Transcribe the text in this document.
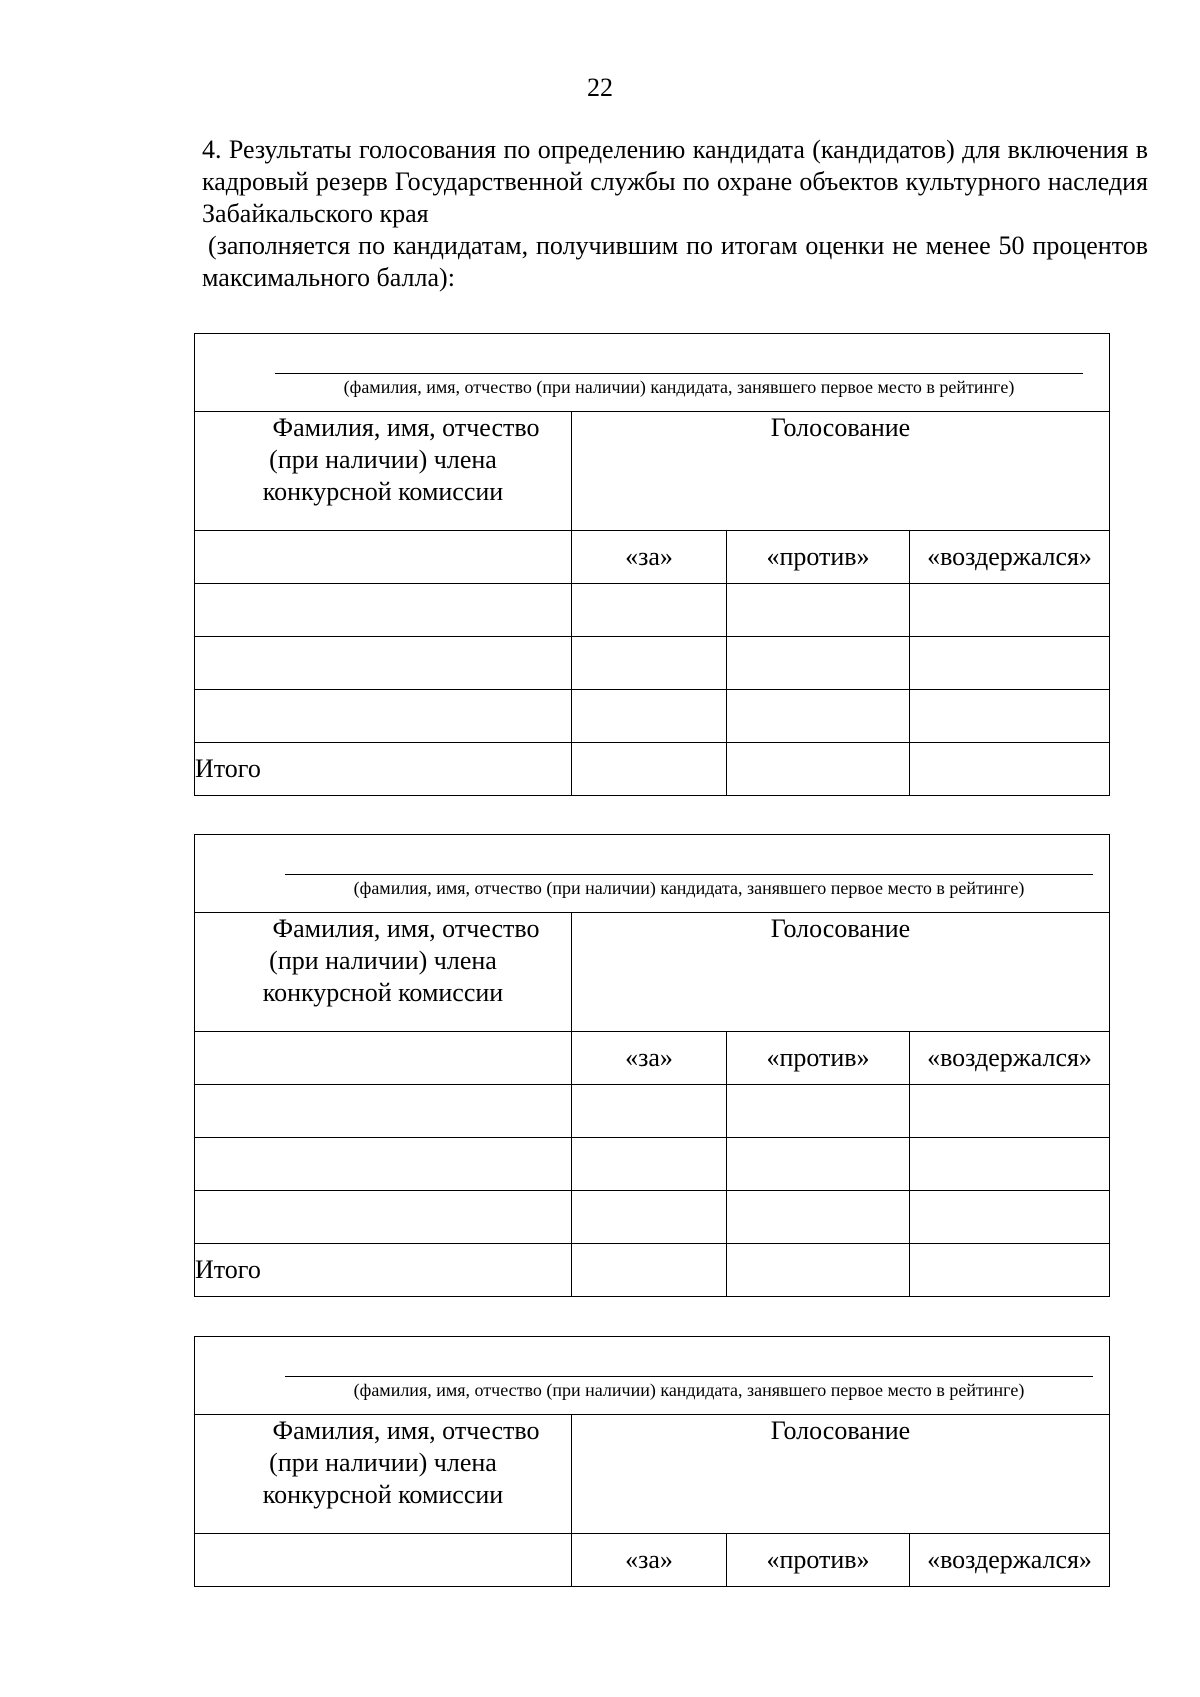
22

4. Результаты голосования по определению кандидата (кандидатов) для включения в кадровый резерв Государственной службы по охране объектов культурного наследия Забайкальского края

(заполняется по кандидатам, получившим по итогам оценки не менее 50 процентов максимального балла):

(фамилия, имя, отчество (при наличии) кандидата, занявшего первое место в рейтинге)			

Фамилия, имя, отчество
(при наличии) члена
конкурсной комиссии	Голосование		
	«за»	«против»	«воздержался»

Итого			
(фамилия, имя, отчество (при наличии) кандидата, занявшего первое место в рейтинге)			

Фамилия, имя, отчество
(при наличии) члена
конкурсной комиссии	Голосование		
	«за»	«против»	«воздержался»

Итого			
(фамилия, имя, отчество (при наличии) кандидата, занявшего первое место в рейтинге)			

Фамилия, имя, отчество
(при наличии) члена
конкурсной комиссии	Голосование		
	«за»	«против»	«воздержался»
